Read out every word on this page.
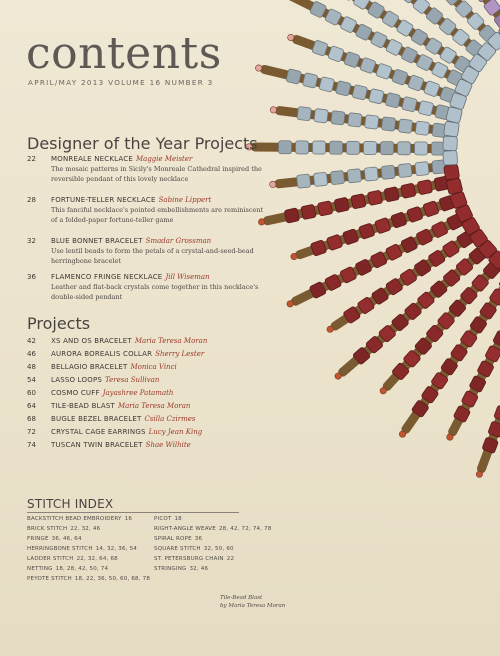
contents
APRIL/MAY 2013 VOLUME 16 NUMBER 3
Designer of the Year Projects
22 MONREALE NECKLACE Maggie Meister
The mosaic patterns in Sicily's Monreale Cathedral inspired the
reversible pendant of this lovely necklace
28 FORTUNE-TELLER NECKLACE Sabine Lippert
This fanciful necklace's pointed embellishments are reminiscent
of a folded-paper fortune-teller game
32 BLUE BONNET BRACELET Smadar Grossman
Use lentil beads to form the petals of a crystal-and-seed-bead
herringbone bracelet
36 FLAMENCO FRINGE NECKLACE Jill Wiseman
Leather and flat-back crystals come together in this necklace's
double-sided pendant
Projects
42 XS AND OS BRACELET Maria Teresa Moran
46 AURORA BOREALIS COLLAR Sherry Lester
48 BELLAGIO BRACELET Monica Vinci
54 LASSO LOOPS Teresa Sullivan
60 COSMO CUFF Jayashree Patamath
64 TILE-BEAD BLAST Maria Teresa Moran
68 BUGLE BEZEL BRACELET Csilla Czirmes
72 CRYSTAL CAGE EARRINGS Lucy Jean King
74 TUSCAN TWIN BRACELET Shae Wilhite
STITCH INDEX
BACKSTITCH BEAD EMBROIDERY 16
BRICK STITCH 22, 32, 46
FRINGE 36, 46, 64
HERRINGBONE STITCH 14, 32, 36, 54
LADDER STITCH 22, 32, 64, 68
NETTING 18, 28, 42, 50, 74
PEYOTE STITCH 18, 22, 36, 50, 60, 68, 78
PICOT 18
RIGHT-ANGLE WEAVE 28, 42, 72, 74, 78
SPIRAL ROPE 36
SQUARE STITCH 32, 50, 60
ST. PETERSBURG CHAIN 22
STRINGING 32, 46
Tile-Bead Blast
by Maria Teresa Moran
